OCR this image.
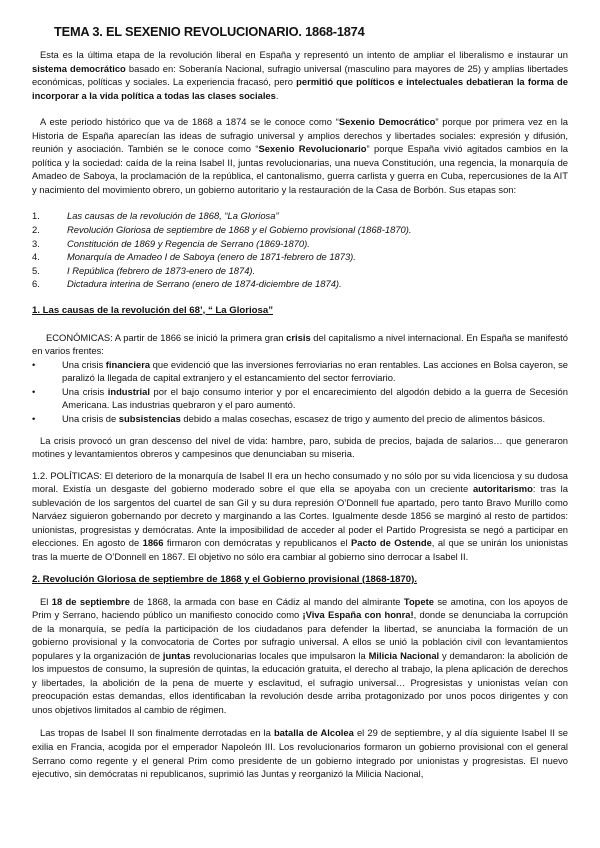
TEMA 3. EL SEXENIO REVOLUCIONARIO. 1868-1874

Esta es la última etapa de la revolución liberal en España y representó un intento de ampliar el liberalismo e instaurar un sistema democrático basado en: Soberanía Nacional, sufragio universal (masculino para mayores de 25) y amplias libertades económicas, políticas y sociales. La experiencia fracasó, pero permitió que políticos e intelectuales debatieran la forma de incorporar a la vida política a todas las clases sociales.

A este periodo histórico que va de 1868 a 1874 se le conoce como “Sexenio Democrático” porque por primera vez en la Historia de España aparecían las ideas de sufragio universal y amplios derechos y libertades sociales: expresión y difusión, reunión y asociación. También se le conoce como “Sexenio Revolucionario” porque España vivió agitados cambios en la política y la sociedad: caída de la reina Isabel II, juntas revolucionarias, una nueva Constitución, una regencia, la monarquía de Amadeo de Saboya, la proclamación de la república, el cantonalismo, guerra carlista y guerra en Cuba, repercusiones de la AIT y nacimiento del movimiento obrero, un gobierno autoritario y la restauración de la Casa de Borbón. Sus etapas son:

1.	Las causas de la revolución de 1868, “La Gloriosa”
2.	Revolución Gloriosa de septiembre de 1868 y el Gobierno provisional (1868-1870).
3.	Constitución de 1869 y Regencia de Serrano (1869-1870).
4.	Monarquía de Amadeo I de Saboya (enero de 1871-febrero de 1873).
5.	I República (febrero de 1873-enero de 1874).
6.	Dictadura interina de Serrano (enero de 1874-diciembre de 1874).
1. Las causas de la revolución del 68’, “ La Gloriosa”

ECONÓMICAS: A partir de 1866 se inició la primera gran crisis del capitalismo a nivel internacional. En España se manifestó en varios frentes:

•	Una crisis financiera que evidenció que las inversiones ferroviarias no eran rentables. Las acciones en Bolsa cayeron, se paralizó la llegada de capital extranjero y el estancamiento del sector ferroviario.
•	Una crisis industrial por el bajo consumo interior y por el encarecimiento del algodón debido a la guerra de Secesión Americana. Las industrias quebraron y el paro aumentó.
•	Una crisis de subsistencias debido a malas cosechas, escasez de trigo y aumento del precio de alimentos básicos.

La crisis provocó un gran descenso del nivel de vida: hambre, paro, subida de precios, bajada de salarios… que generaron motines y levantamientos obreros y campesinos que denunciaban su miseria.

1.2. POLÍTICAS: El deterioro de la monarquía de Isabel II era un hecho consumado y no sólo por su vida licenciosa y su dudosa moral. Existía un desgaste del gobierno moderado sobre el que ella se apoyaba con un creciente autoritarismo: tras la sublevación de los sargentos del cuartel de san Gil y su dura represión O’Donnell fue apartado, pero tanto Bravo Murillo como Narváez siguieron gobernando por decreto y marginando a las Cortes. Igualmente desde 1856 se marginó al resto de partidos: unionistas, progresistas y demócratas. Ante la imposibilidad de acceder al poder el Partido Progresista se negó a participar en elecciones. En agosto de 1866 firmaron con demócratas y republicanos el Pacto de Ostende, al que se unirán los unionistas tras la muerte de O’Donnell en 1867. El objetivo no sólo era cambiar al gobierno sino derrocar a Isabel II.

2. Revolución Gloriosa de septiembre de 1868 y el Gobierno provisional (1868-1870).

El 18 de septiembre de 1868, la armada con base en Cádiz al mando del almirante Topete se amotina, con los apoyos de Prim y Serrano, haciendo público un manifiesto conocido como ¡Viva España con honra!, donde se denunciaba la corrupción de la monarquía, se pedía la participación de los ciudadanos para defender la libertad, se anunciaba la formación de un gobierno provisional y la convocatoria de Cortes por sufragio universal. A ellos se unió la población civil con levantamientos populares y la organización de juntas revolucionarias locales que impulsaron la Milicia Nacional y demandaron: la abolición de los impuestos de consumo, la supresión de quintas, la educación gratuita, el derecho al trabajo, la plena aplicación de derechos y libertades, la abolición de la pena de muerte y esclavitud, el sufragio universal… Progresistas y unionistas veían con preocupación estas demandas, ellos identificaban la revolución desde arriba protagonizado por unos pocos dirigentes y con unos objetivos limitados al cambio de régimen.

Las tropas de Isabel II son finalmente derrotadas en la batalla de Alcolea el 29 de septiembre, y al día siguiente Isabel II se exilia en Francia, acogida por el emperador Napoleón III. Los revolucionarios formaron un gobierno provisional con el general Serrano como regente y el general Prim como presidente de un gobierno integrado por unionistas y progresistas. El nuevo ejecutivo, sin demócratas ni republicanos, suprimió las Juntas y reorganizó la Milicia Nacional,
